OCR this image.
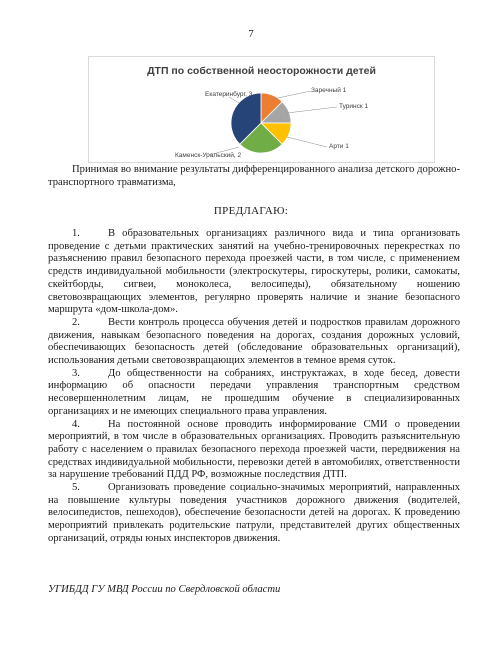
7
ДТП по собственной неосторожности детей
Екатеринбург, 3
Заречный 1
Туринск 1
Арти 1
Каменск-Уральский, 2
Принимая во внимание результаты дифференцированного анализа детского дорожно-транспортного травматизма,
ПРЕДЛАГАЮ:

1.	В образовательных организациях различного вида и типа организовать проведение с детьми практических занятий на учебно-тренировочных перекрестках по разъяснению правил безопасного перехода проезжей части, в том числе, с применением средств индивидуальной мобильности (электроскутеры, гироскутеры, ролики, самокаты, скейтборды, сигвеи, моноколеса, велосипеды), обязательному ношению световозвращающих элементов, регулярно проверять наличие и знание безопасного маршрута «дом-школа-дом».

2.	Вести контроль процесса обучения детей и подростков правилам дорожного движения, навыкам безопасного поведения на дорогах, создания дорожных условий, обеспечивающих безопасность детей (обследование образовательных организаций), использования детьми световозвращающих элементов в темное время суток.

3.	До общественности на собраниях, инструктажах, в ходе бесед, довести информацию об опасности передачи управления транспортным средством несовершеннолетним лицам, не прошедшим обучение в специализированных организациях и не имеющих специального права управления.

4.	На постоянной основе проводить информирование СМИ о проведении мероприятий, в том числе в образовательных организациях. Проводить разъяснительную работу с населением о правилах безопасного перехода проезжей части, передвижения на средствах индивидуальной мобильности, перевозки детей в автомобилях, ответственности за нарушение требований ПДД РФ, возможные последствия ДТП.

5.	Организовать проведение социально-значимых мероприятий, направленных на повышение культуры поведения участников дорожного движения (водителей, велосипедистов, пешеходов), обеспечение безопасности детей на дорогах. К проведению мероприятий привлекать родительские патрули, представителей других общественных организаций, отряды юных инспекторов движения.

УГИБДД ГУ МВД России по Свердловской области
